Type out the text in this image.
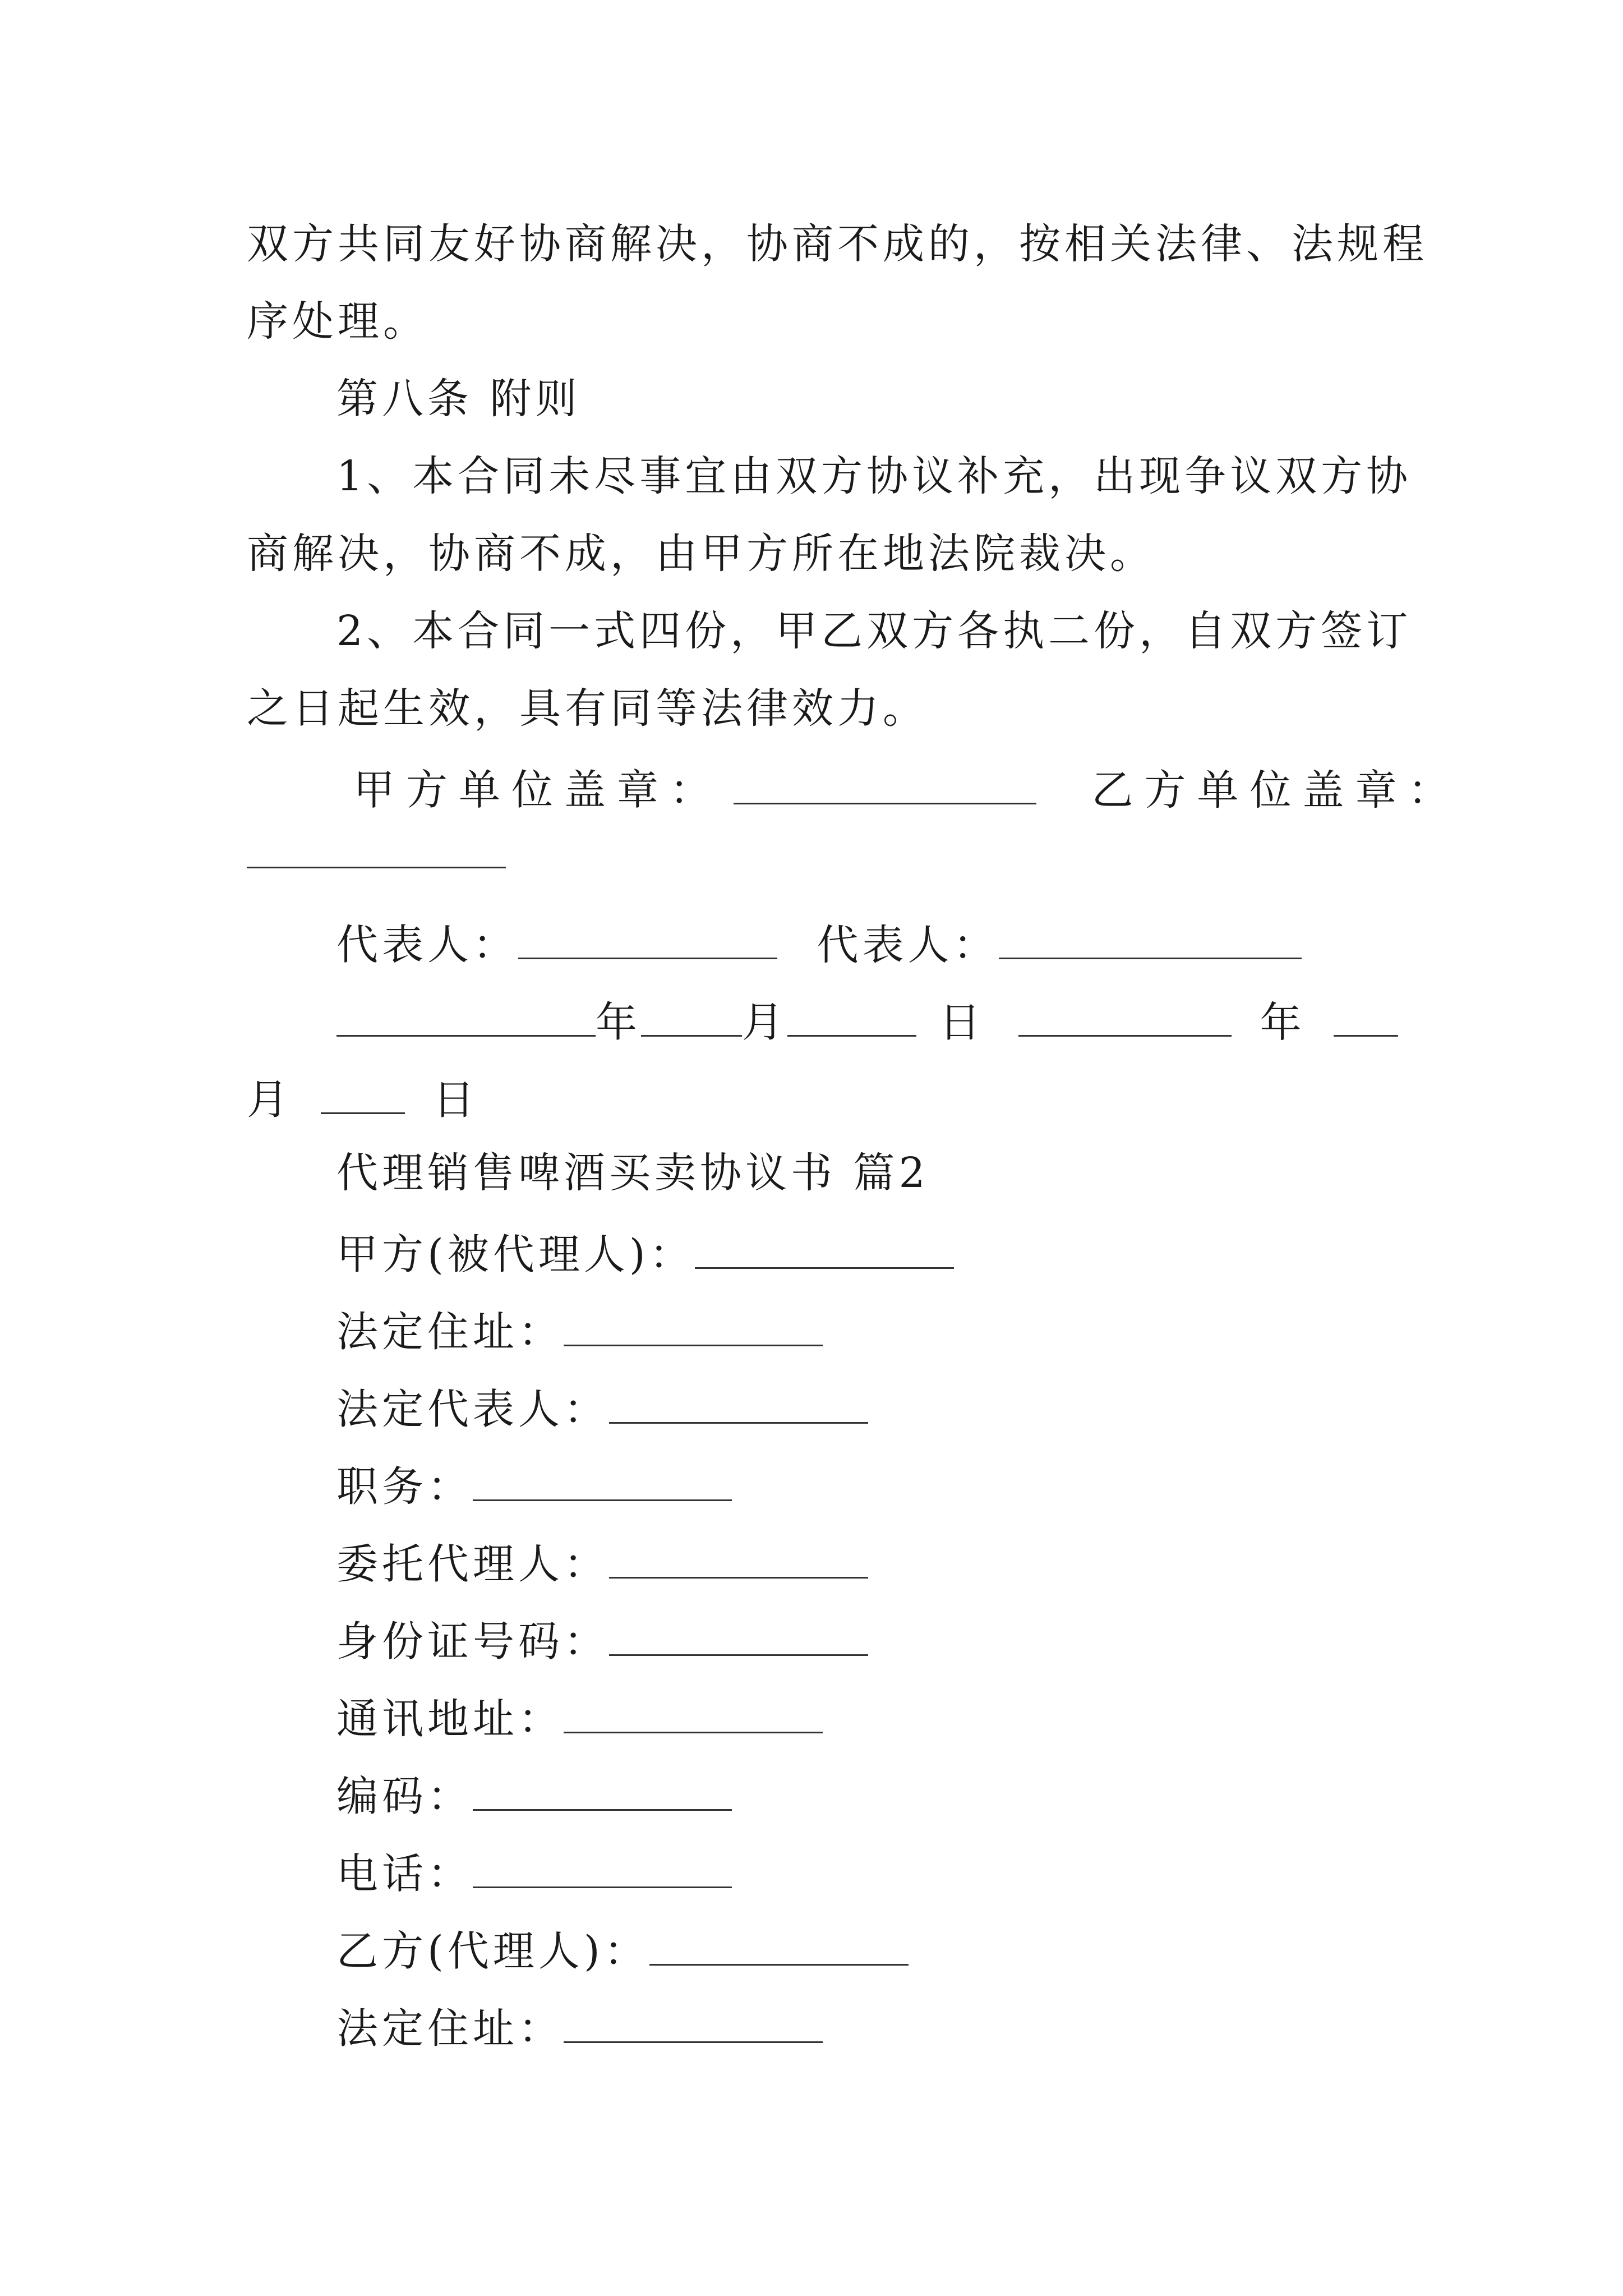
双方共同友好协商解决，协商不成的，按相关法律、法规程

序处理。

第八条 附则

1、本合同未尽事宜由双方协议补充，出现争议双方协

商解决，协商不成，由甲方所在地法院裁决。

2、本合同一式四份，甲乙双方各执二份，自双方签订

之日起生效，具有同等法律效力。

甲方单位盖章：	乙方单位盖章：
代表人：	代表人：
年 月	日	年
月	日

代理销售啤酒买卖协议书 篇2

甲方(被代理人)：
法定住址：
法定代表人：
职务：
委托代理人：
身份证号码：
通讯地址：
编码：
电话：
乙方(代理人)：
法定住址：
